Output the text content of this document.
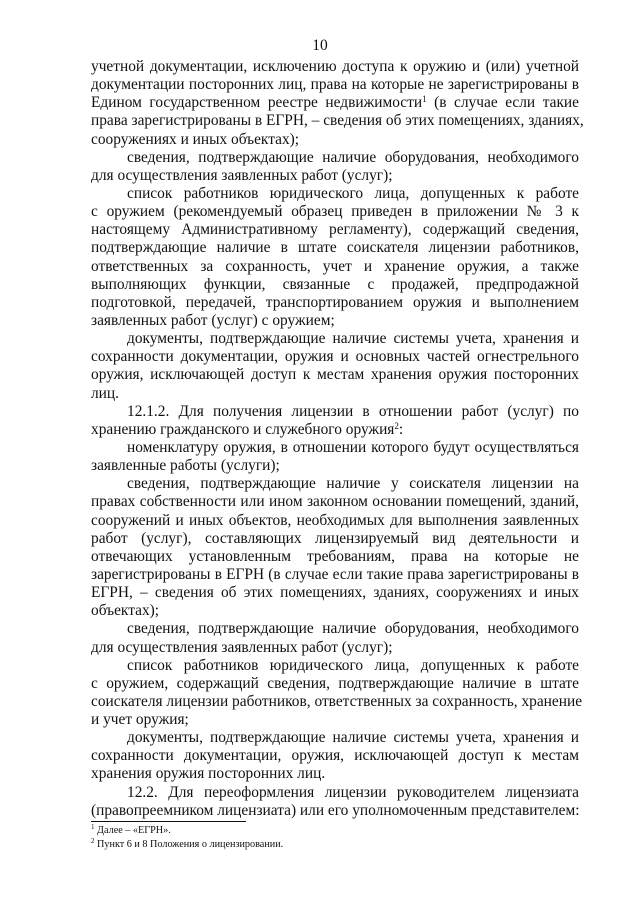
10
учетной документации, исключению доступа к оружию и (или) учетной
документации посторонних лиц, права на которые не зарегистрированы в
Едином государственном реестре недвижимости$^1$ (в случае если такие
права зарегистрированы в ЕГРН, – сведения об этих помещениях, зданиях,
сооружениях и иных объектах);
сведения, подтверждающие наличие оборудования, необходимого
для осуществления заявленных работ (услуг);
список работников юридического лица, допущенных к работе
с оружием (рекомендуемый образец приведен в приложении № 3 к
настоящему Административному регламенту), содержащий сведения,
подтверждающие наличие в штате соискателя лицензии работников,
ответственных за сохранность, учет и хранение оружия, а также
выполняющих функции, связанные с продажей, предпродажной
подготовкой, передачей, транспортированием оружия и выполнением
заявленных работ (услуг) с оружием;
документы, подтверждающие наличие системы учета, хранения и
сохранности документации, оружия и основных частей огнестрельного
оружия, исключающей доступ к местам хранения оружия посторонних
лиц.
12.1.2. Для получения лицензии в отношении работ (услуг) по
хранению гражданского и служебного оружия$^2$:
номенклатуру оружия, в отношении которого будут осуществляться
заявленные работы (услуги);
сведения, подтверждающие наличие у соискателя лицензии на
правах собственности или ином законном основании помещений, зданий,
сооружений и иных объектов, необходимых для выполнения заявленных
работ (услуг), составляющих лицензируемый вид деятельности и
отвечающих установленным требованиям, права на которые не
зарегистрированы в ЕГРН (в случае если такие права зарегистрированы в
ЕГРН, – сведения об этих помещениях, зданиях, сооружениях и иных
объектах);
сведения, подтверждающие наличие оборудования, необходимого
для осуществления заявленных работ (услуг);
список работников юридического лица, допущенных к работе
с оружием, содержащий сведения, подтверждающие наличие в штате
соискателя лицензии работников, ответственных за сохранность, хранение
и учет оружия;
документы, подтверждающие наличие системы учета, хранения и
сохранности документации, оружия, исключающей доступ к местам
хранения оружия посторонних лиц.
12.2. Для переоформления лицензии руководителем лицензиата
(правопреемником лицензиата) или его уполномоченным представителем:
$^1$ Далее – «ЕГРН».
$^2$ Пункт 6 и 8 Положения о лицензировании.
